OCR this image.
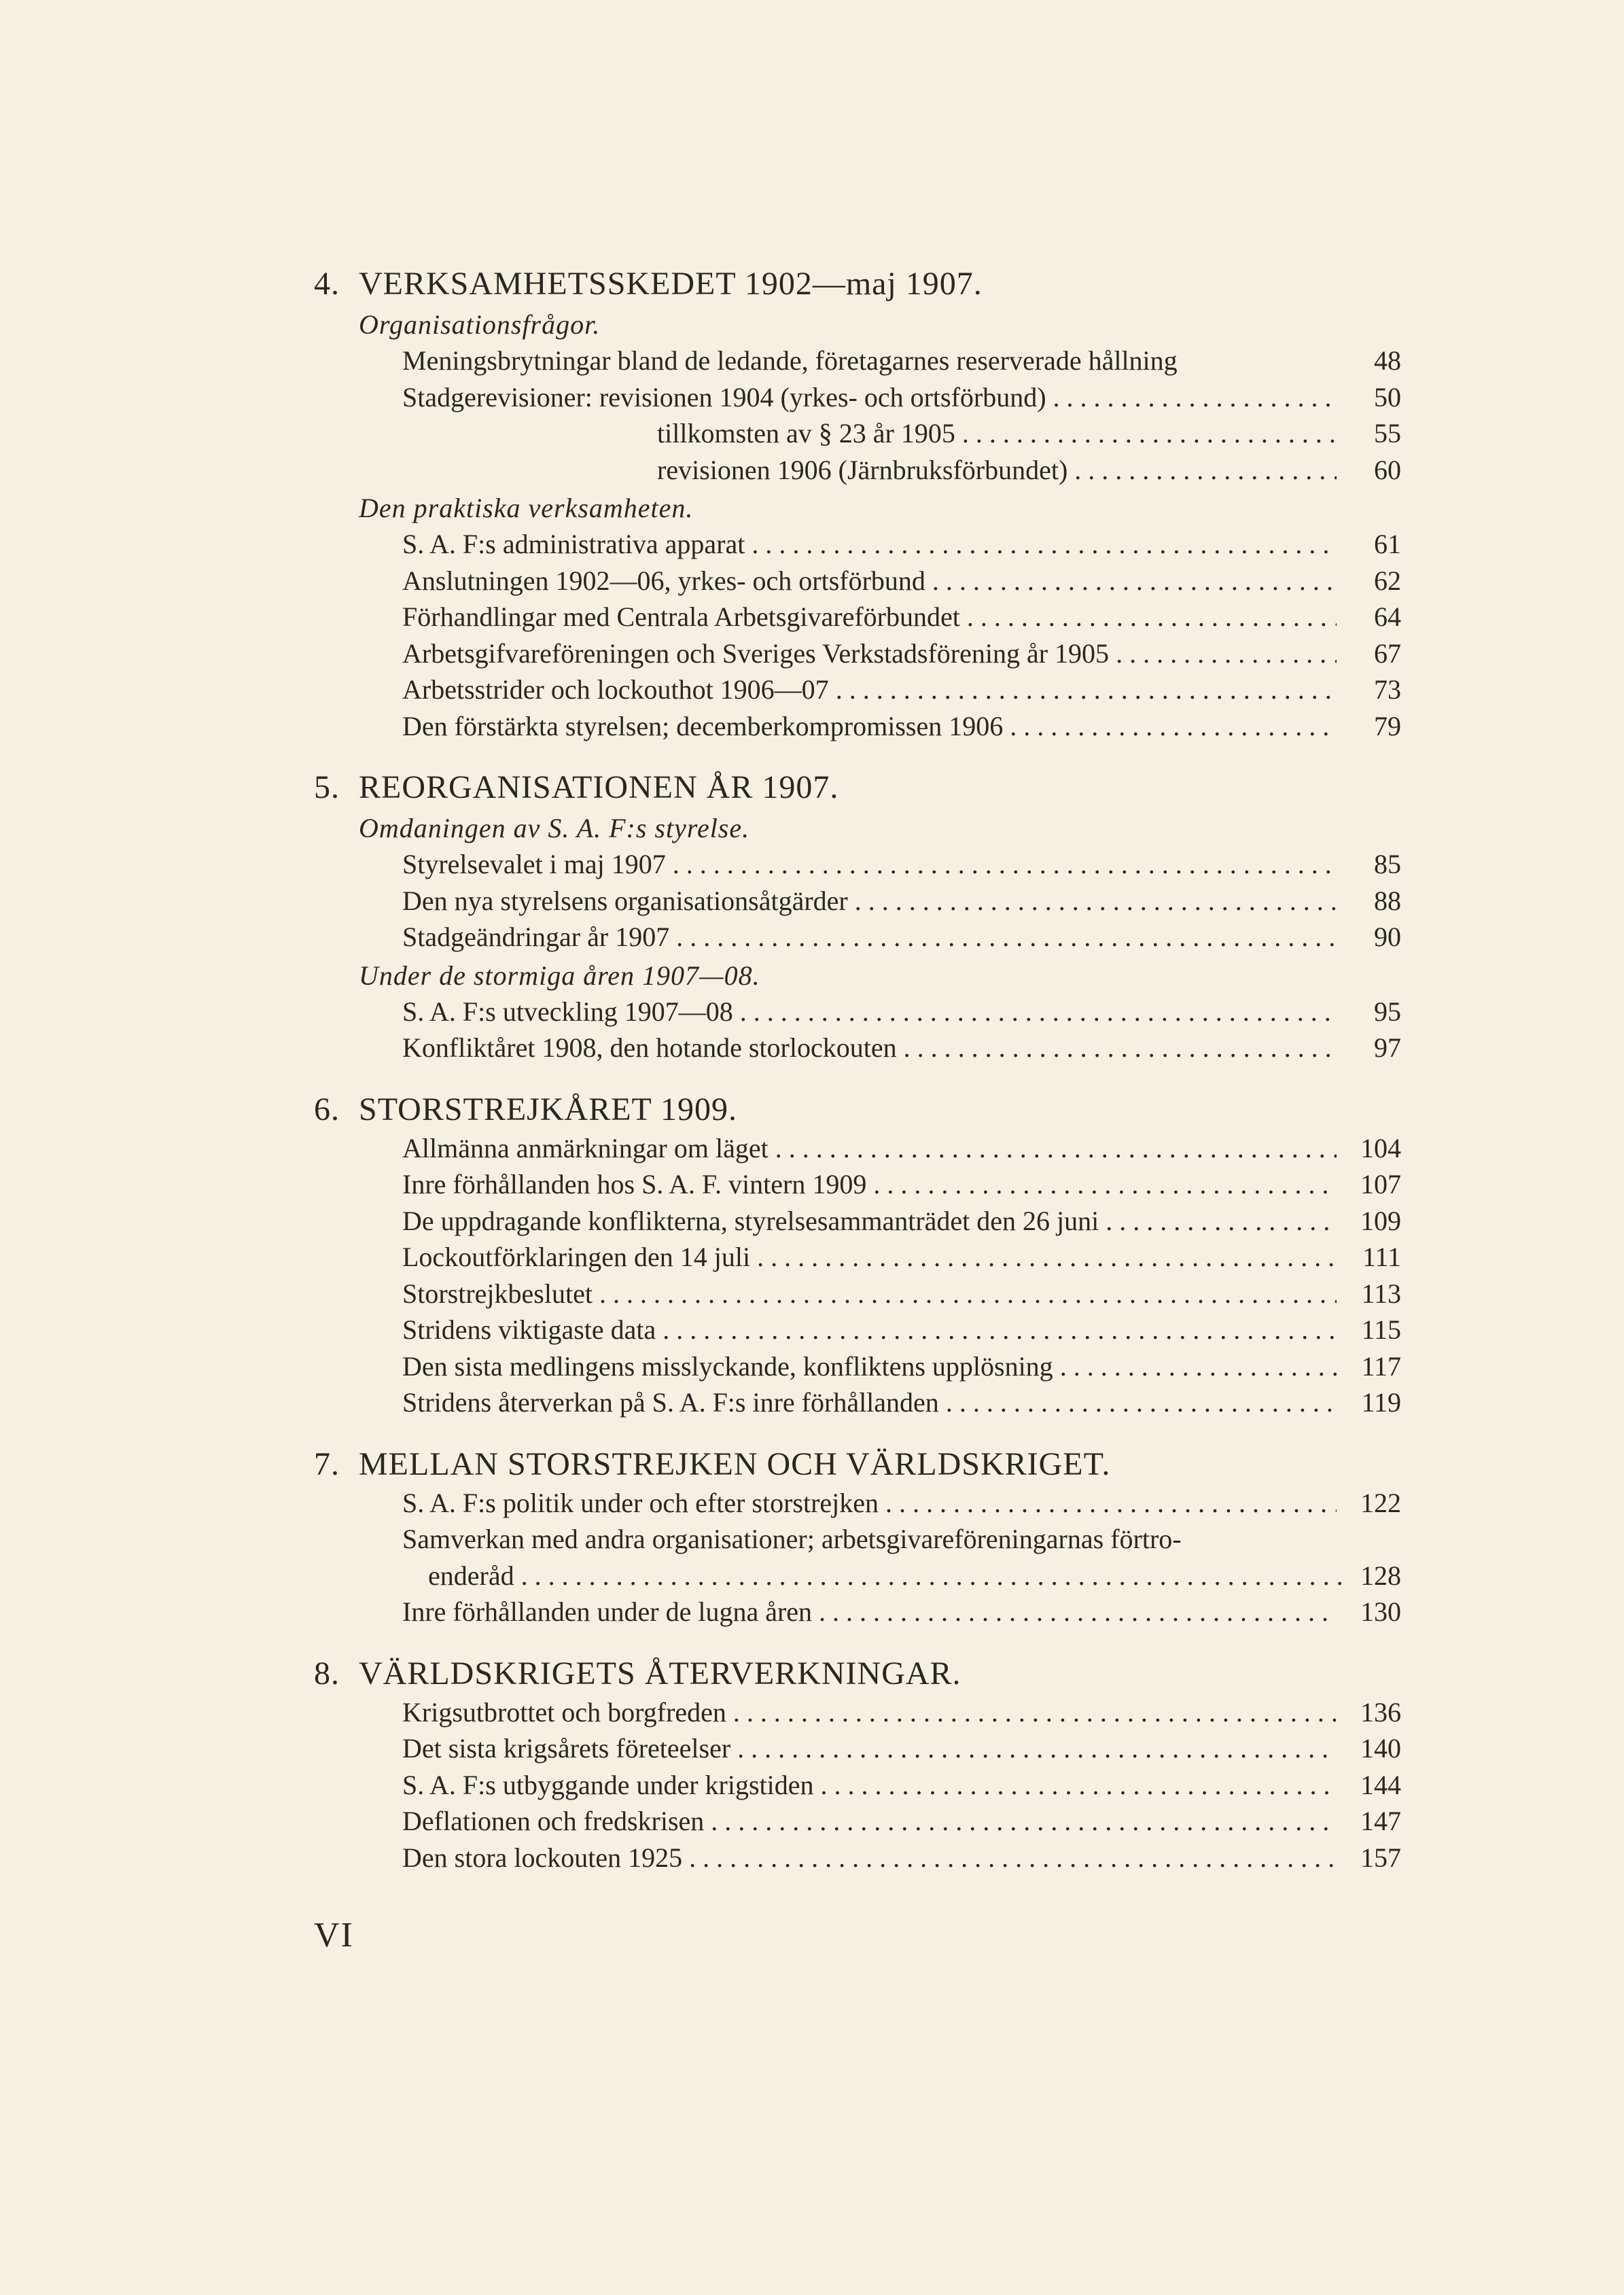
4. VERKSAMHETSSKEDET 1902—maj 1907.
Organisationsfrågor.
Meningsbrytningar bland de ledande, företagarnes reserverade hållning	48
Stadgerevisioner: revisionen 1904 (yrkes- och ortsförbund) . . .	50
tillkomsten av § 23 år 1905 . . .	55
revisionen 1906 (Järnbruksförbundet) . . .	60
Den praktiska verksamheten.
S. A. F:s administrativa apparat . . .	61
Anslutningen 1902—06, yrkes- och ortsförbund . . .	62
Förhandlingar med Centrala Arbetsgivareförbundet . . .	64
Arbetsgifvareföreningen och Sveriges Verkstadsförening år 1905 . . .	67
Arbetsstrider och lockouthot 1906—07 . . .	73
Den förstärkta styrelsen; decemberkompromissen 1906 . . .	79
5. REORGANISATIONEN ÅR 1907.
Omdaningen av S. A. F:s styrelse.
Styrelsevalet i maj 1907 . . .	85
Den nya styrelsens organisationsåtgärder . . .	88
Stadgeändringar år 1907 . . .	90
Under de stormiga åren 1907—08.
S. A. F:s utveckling 1907—08 . . .	95
Konfliktåret 1908, den hotande storlockouten . . .	97
6. STORSTREJKÅRET 1909.
Allmänna anmärkningar om läget . . .	104
Inre förhållanden hos S. A. F. vintern 1909 . . .	107
De uppdragande konflikterna, styrelsesammanträdet den 26 juni . . .	109
Lockoutförklaringen den 14 juli . . .	111
Storstrejkbeslutet . . .	113
Stridens viktigaste data . . .	115
Den sista medlingens misslyckande, konfliktens upplösning . . .	117
Stridens återverkan på S. A. F:s inre förhållanden . . .	119
7. MELLAN STORSTREJKEN OCH VÄRLDSKRIGET.
S. A. F:s politik under och efter storstrejken . . .	122
Samverkan med andra organisationer; arbetsgivareföreningarnas förtro-
enderåd . . .	128
Inre förhållanden under de lugna åren . . .	130
8. VÄRLDSKRIGETS ÅTERVERKNINGAR.
Krigsutbrottet och borgfreden . . .	136
Det sista krigsårets företeelser . . .	140
S. A. F:s utbyggande under krigstiden . . .	144
Deflationen och fredskrisen . . .	147
Den stora lockouten 1925 . . .	157
VI
